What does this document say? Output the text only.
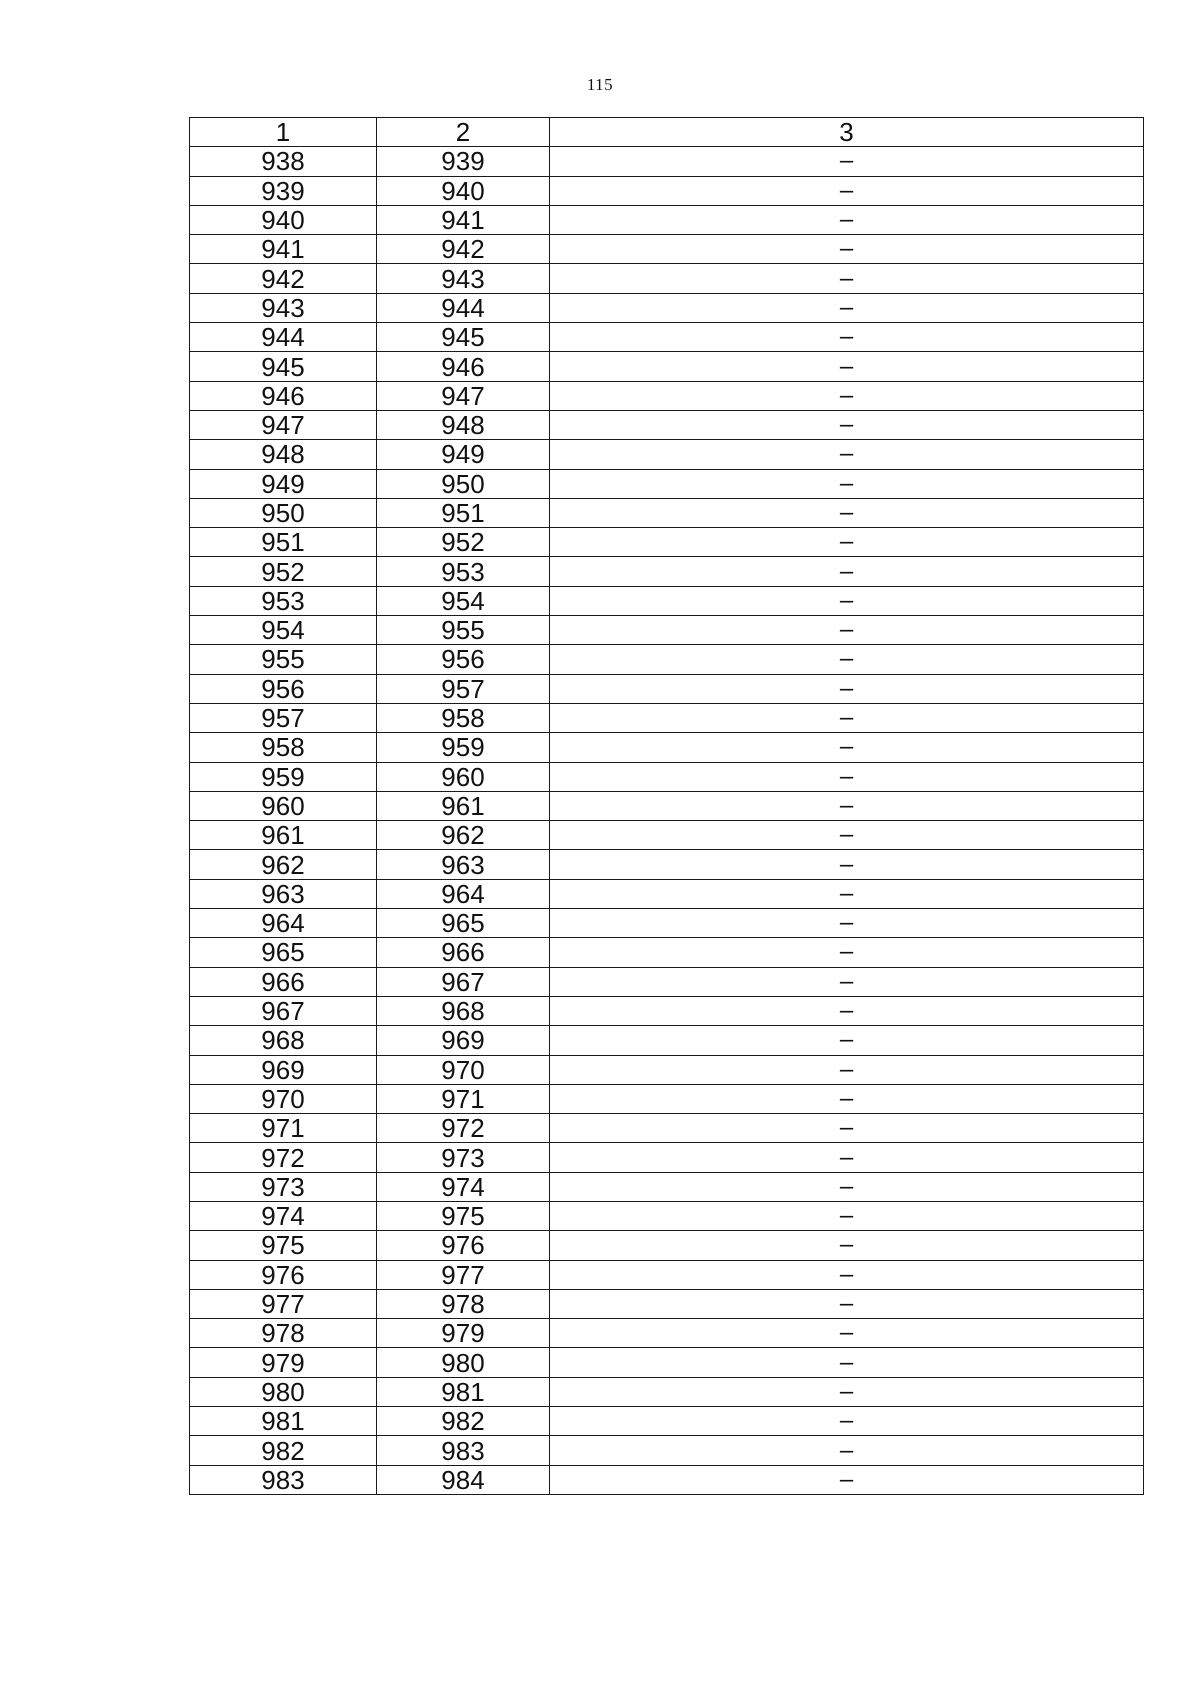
115
1	2	3
938	939	–
939	940	–
940	941	–
941	942	–
942	943	–
943	944	–
944	945	–
945	946	–
946	947	–
947	948	–
948	949	–
949	950	–
950	951	–
951	952	–
952	953	–
953	954	–
954	955	–
955	956	–
956	957	–
957	958	–
958	959	–
959	960	–
960	961	–
961	962	–
962	963	–
963	964	–
964	965	–
965	966	–
966	967	–
967	968	–
968	969	–
969	970	–
970	971	–
971	972	–
972	973	–
973	974	–
974	975	–
975	976	–
976	977	–
977	978	–
978	979	–
979	980	–
980	981	–
981	982	–
982	983	–
983	984	–
